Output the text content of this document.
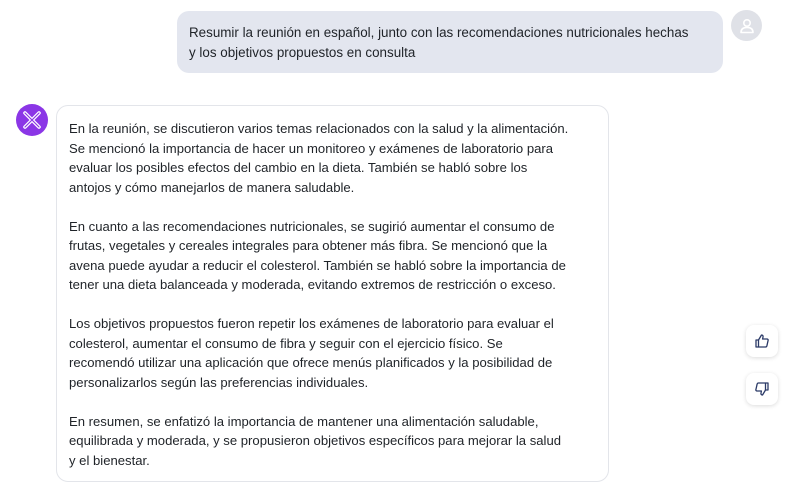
Resumir la reunión en español, junto con las recomendaciones nutricionales hechas
y los objetivos propuestos en consulta
En la reunión, se discutieron varios temas relacionados con la salud y la alimentación.
Se mencionó la importancia de hacer un monitoreo y exámenes de laboratorio para
evaluar los posibles efectos del cambio en la dieta. También se habló sobre los
antojos y cómo manejarlos de manera saludable.
En cuanto a las recomendaciones nutricionales, se sugirió aumentar el consumo de
frutas, vegetales y cereales integrales para obtener más fibra. Se mencionó que la
avena puede ayudar a reducir el colesterol. También se habló sobre la importancia de
tener una dieta balanceada y moderada, evitando extremos de restricción o exceso.
Los objetivos propuestos fueron repetir los exámenes de laboratorio para evaluar el
colesterol, aumentar el consumo de fibra y seguir con el ejercicio físico. Se
recomendó utilizar una aplicación que ofrece menús planificados y la posibilidad de
personalizarlos según las preferencias individuales.
En resumen, se enfatizó la importancia de mantener una alimentación saludable,
equilibrada y moderada, y se propusieron objetivos específicos para mejorar la salud
y el bienestar.
